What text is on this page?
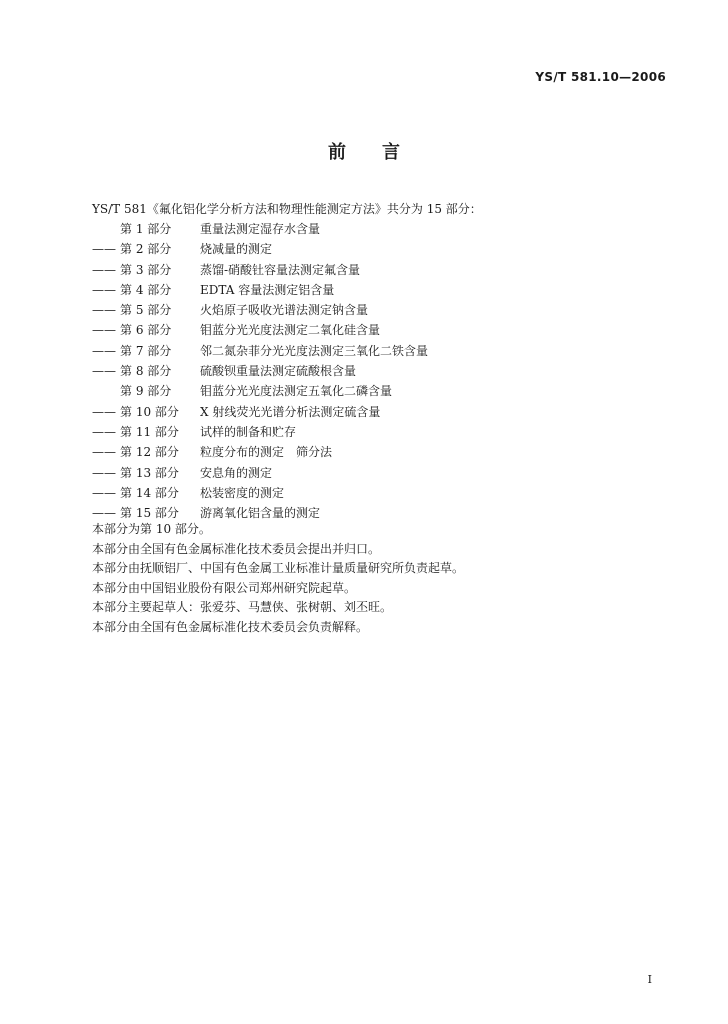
YS/T 581.10—2006
前言
YS/T 581《氟化铝化学分析方法和物理性能测定方法》共分为 15 部分：
第 1 部分	重量法测定湿存水含量
—— 第 2 部分	烧减量的测定
—— 第 3 部分	蒸馏-硝酸钍容量法测定氟含量
—— 第 4 部分	EDTA 容量法测定铝含量
—— 第 5 部分	火焰原子吸收光谱法测定钠含量
—— 第 6 部分	钼蓝分光光度法测定二氧化硅含量
—— 第 7 部分	邻二氮杂菲分光光度法测定三氧化二铁含量
—— 第 8 部分	硫酸钡重量法测定硫酸根含量
第 9 部分	钼蓝分光光度法测定五氧化二磷含量
—— 第 10 部分	X 射线荧光光谱分析法测定硫含量
—— 第 11 部分	试样的制备和贮存
—— 第 12 部分	粒度分布的测定　筛分法
—— 第 13 部分	安息角的测定
—— 第 14 部分	松装密度的测定
—— 第 15 部分	游离氧化铝含量的测定
本部分为第 10 部分。
本部分由全国有色金属标准化技术委员会提出并归口。
本部分由抚顺铝厂、中国有色金属工业标准计量质量研究所负责起草。
本部分由中国铝业股份有限公司郑州研究院起草。
本部分主要起草人：张爱芬、马慧侠、张树朝、刘丕旺。
本部分由全国有色金属标准化技术委员会负责解释。
I
